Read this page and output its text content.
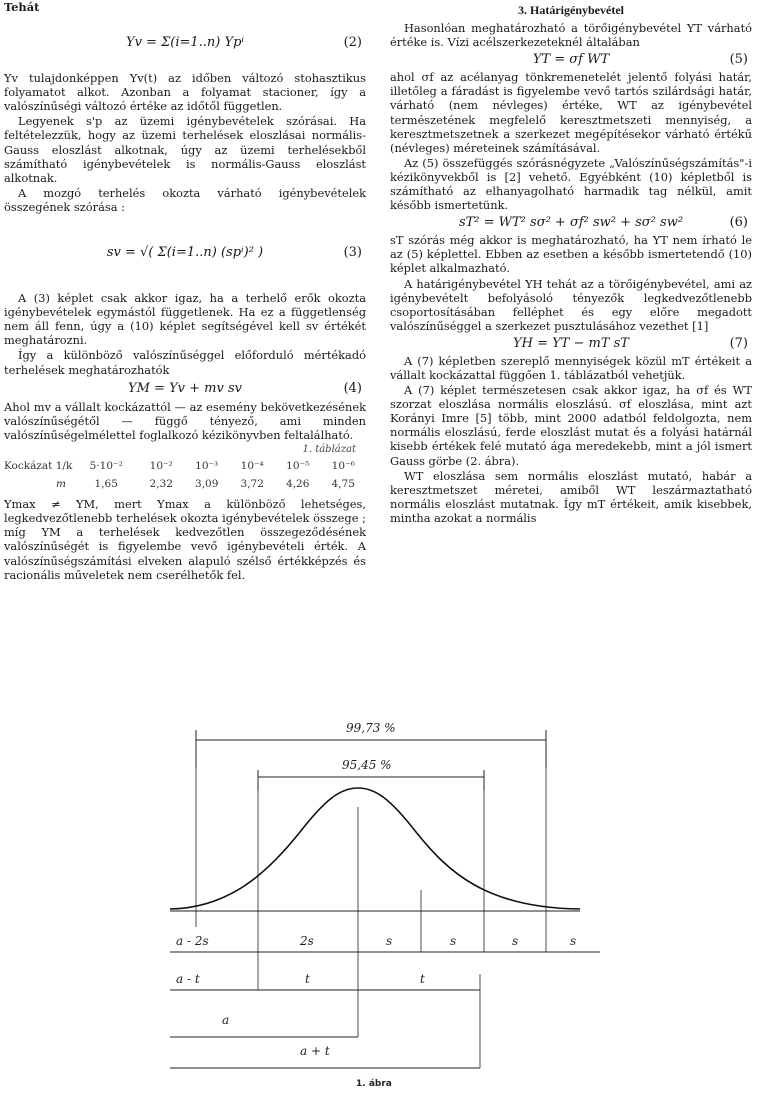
Tehát

Yv = Σ(i=1..n) Ypⁱ	(2)

Yv tulajdonképpen Yv(t) az időben változó stohasztikus folyamatot alkot. Azonban a folyamat stacioner, így a valószínűségi változó értéke az időtől független.

Legyenek s'p az üzemi igénybevételek szórásai. Ha feltételezzük, hogy az üzemi terhelések eloszlásai normális-Gauss eloszlást alkotnak, úgy az üzemi terhelésekből számítható igénybevételek is normális-Gauss eloszlást alkotnak.

A mozgó terhelés okozta várható igénybevételek összegének szórása :

sv = √( Σ(i=1..n) (spⁱ)² )	(3)

A (3) képlet csak akkor igaz, ha a terhelő erők okozta igénybevételek egymástól függetlenek. Ha ez a függetlenség nem áll fenn, úgy a (10) képlet segítségével kell sv értékét meghatározni.

Így a különböző valószínűséggel előforduló mértékadó terhelések meghatározhatók

YM = Yv + mv sv	(4)

Ahol mv a vállalt kockázattól — az esemény bekövetkezésének valószínűségétől — függő tényező, ami minden valószínűségelmélettel foglalkozó kézikönyvben feltalálható.

1. táblázat
Kockázat 1/k	5·10⁻²	10⁻²	10⁻³	10⁻⁴	10⁻⁵	10⁻⁶
m	1,65	2,32	3,09	3,72	4,26	4,75

Ymax ≠ YM, mert Ymax a különböző lehetséges, legkedvezőtlenebb terhelések okozta igénybevételek összege ; míg YM a terhelések kedvezőtlen összegeződésének valószínűségét is figyelembe vevő igénybevételi érték. A valószínűségszámítási elveken alapuló szélső értékképzés és racionális műveletek nem cserélhetők fel.

3. Határigénybevétel

Hasonlóan meghatározható a törőigénybevétel YT várható értéke is. Vízi acélszerkezeteknél általában

YT = σf WT	(5)

ahol σf az acélanyag tönkremenetelét jelentő folyási határ, illetőleg a fáradást is figyelembe vevő tartós szilárdsági határ, várható (nem névleges) értéke, WT az igénybevétel természetének megfelelő keresztmetszeti mennyiség, a keresztmetszetnek a szerkezet megépítésekor várható értékű (névleges) méreteinek számításával.

Az (5) összefüggés szórásnégyzete „Valószínűségszámítás"-i kézikönyvekből is [2] vehető. Egyébként (10) képletből is számítható az elhanyagolható harmadik tag nélkül, amit később ismertetünk.

sT² = WT² sσ² + σf² sw² + sσ² sw²	(6)

sT szórás még akkor is meghatározható, ha YT nem írható le az (5) képlettel. Ebben az esetben a később ismertetendő (10) képlet alkalmazható.

A határigénybevétel YH tehát az a törőigénybevétel, ami az igénybevételt befolyásoló tényezők legkedvezőtlenebb csoportosításában felléphet és egy előre megadott valószínűséggel a szerkezet pusztulásához vezethet [1]

YH = YT − mT sT	(7)

A (7) képletben szereplő mennyiségek közül mT értékeit a vállalt kockázattal függően 1. táblázatból vehetjük.

A (7) képlet természetesen csak akkor igaz, ha σf és WT szorzat eloszlása normális eloszlású. σf eloszlása, mint azt Korányi Imre [5] több, mint 2000 adatból feldolgozta, nem normális eloszlású, ferde eloszlást mutat és a folyási határnál kisebb értékek felé mutató ága meredekebb, mint a jól ismert Gauss görbe (2. ábra).

WT eloszlása sem normális eloszlást mutató, habár a keresztmetszet méretei, amiből WT leszármaztatható normális eloszlást mutatnak. Így mT értékeit, amik kisebbek, mintha azokat a normális

99,73 %
95,45 %
a - 2s	2s	s	s	s	s
a - t	t	t
a
a + t
1. ábra
